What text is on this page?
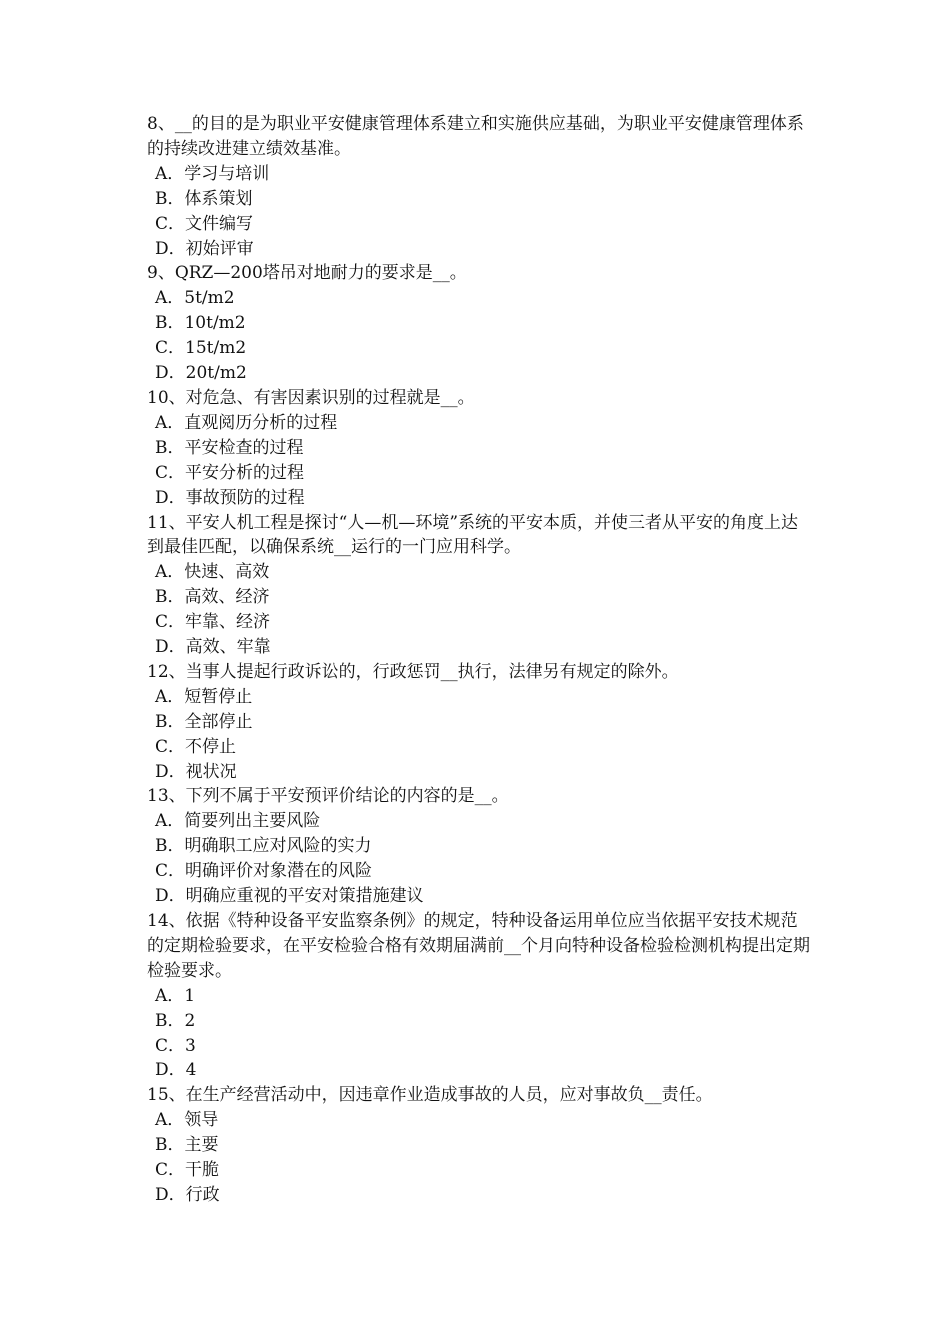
8、__的目的是为职业平安健康管理体系建立和实施供应基础，为职业平安健康管理体系的持续改进建立绩效基准。

A．学习与培训

B．体系策划

C．文件编写

D．初始评审

9、QRZ—200塔吊对地耐力的要求是__。

A．5t/m2

B．10t/m2

C．15t/m2

D．20t/m2

10、对危急、有害因素识别的过程就是__。

A．直观阅历分析的过程

B．平安检查的过程

C．平安分析的过程

D．事故预防的过程

11、平安人机工程是探讨“人—机—环境”系统的平安本质，并使三者从平安的角度上达到最佳匹配，以确保系统__运行的一门应用科学。

A．快速、高效

B．高效、经济

C．牢靠、经济

D．高效、牢靠

12、当事人提起行政诉讼的，行政惩罚__执行，法律另有规定的除外。

A．短暂停止

B．全部停止

C．不停止

D．视状况

13、下列不属于平安预评价结论的内容的是__。

A．简要列出主要风险

B．明确职工应对风险的实力

C．明确评价对象潜在的风险

D．明确应重视的平安对策措施建议

14、依据《特种设备平安监察条例》的规定，特种设备运用单位应当依据平安技术规范的定期检验要求，在平安检验合格有效期届满前__个月向特种设备检验检测机构提出定期检验要求。

A．1

B．2

C．3

D．4

15、在生产经营活动中，因违章作业造成事故的人员，应对事故负__责任。

A．领导

B．主要

C．干脆

D．行政
